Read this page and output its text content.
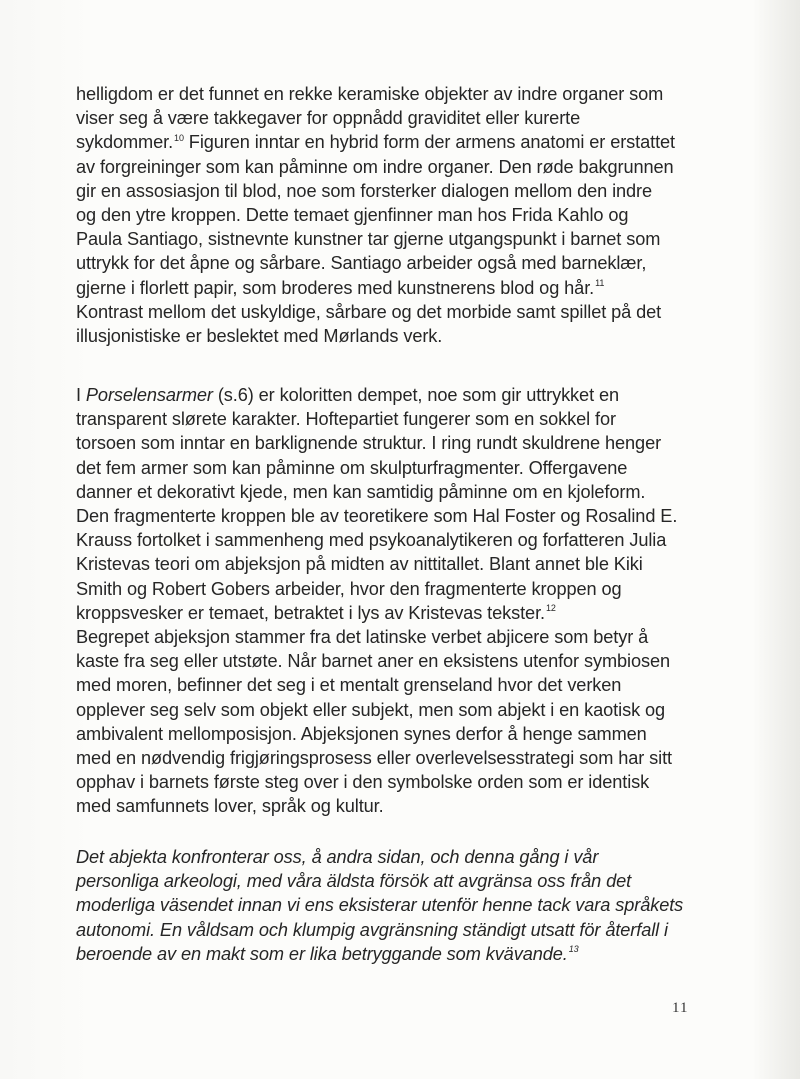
helligdom er det funnet en rekke keramiske objekter av indre organer som
viser seg å være takkegaver for oppnådd graviditet eller kurerte
sykdommer.$^{10}$ Figuren inntar en hybrid form der armens anatomi er erstattet
av forgreininger som kan påminne om indre organer. Den røde bakgrunnen
gir en assosiasjon til blod, noe som forsterker dialogen mellom den indre
og den ytre kroppen. Dette temaet gjenfinner man hos Frida Kahlo og
Paula Santiago, sistnevnte kunstner tar gjerne utgangspunkt i barnet som
uttrykk for det åpne og sårbare. Santiago arbeider også med barneklær,
gjerne i florlett papir, som broderes med kunstnerens blod og hår.$^{11}$
Kontrast mellom det uskyldige, sårbare og det morbide samt spillet på det
illusjonistiske er beslektet med Mørlands verk.
I Porselensarmer (s.6) er koloritten dempet, noe som gir uttrykket en
transparent slørete karakter. Hoftepartiet fungerer som en sokkel for
torsoen som inntar en barklignende struktur. I ring rundt skuldrene henger
det fem armer som kan påminne om skulpturfragmenter. Offergavene
danner et dekorativt kjede, men kan samtidig påminne om en kjoleform.
Den fragmenterte kroppen ble av teoretikere som Hal Foster og Rosalind E.
Krauss fortolket i sammenheng med psykoanalytikeren og forfatteren Julia
Kristevas teori om abjeksjon på midten av nittitallet. Blant annet ble Kiki
Smith og Robert Gobers arbeider, hvor den fragmenterte kroppen og
kroppsvesker er temaet, betraktet i lys av Kristevas tekster.$^{12}$
Begrepet abjeksjon stammer fra det latinske verbet abjicere som betyr å
kaste fra seg eller utstøte. Når barnet aner en eksistens utenfor symbiosen
med moren, befinner det seg i et mentalt grenseland hvor det verken
opplever seg selv som objekt eller subjekt, men som abjekt i en kaotisk og
ambivalent mellomposisjon. Abjeksjonen synes derfor å henge sammen
med en nødvendig frigjøringsprosess eller overlevelsesstrategi som har sitt
opphav i barnets første steg over i den symbolske orden som er identisk
med samfunnets lover, språk og kultur.
Det abjekta konfronterar oss, å andra sidan, och denna gång i vår
personliga arkeologi, med våra äldsta försök att avgränsa oss från det
moderliga väsendet innan vi ens eksisterar utenför henne tack vara språkets
autonomi. En våldsam och klumpig avgränsning ständigt utsatt för återfall i
beroende av en makt som er lika betryggande som kvävande.$^{13}$
11
